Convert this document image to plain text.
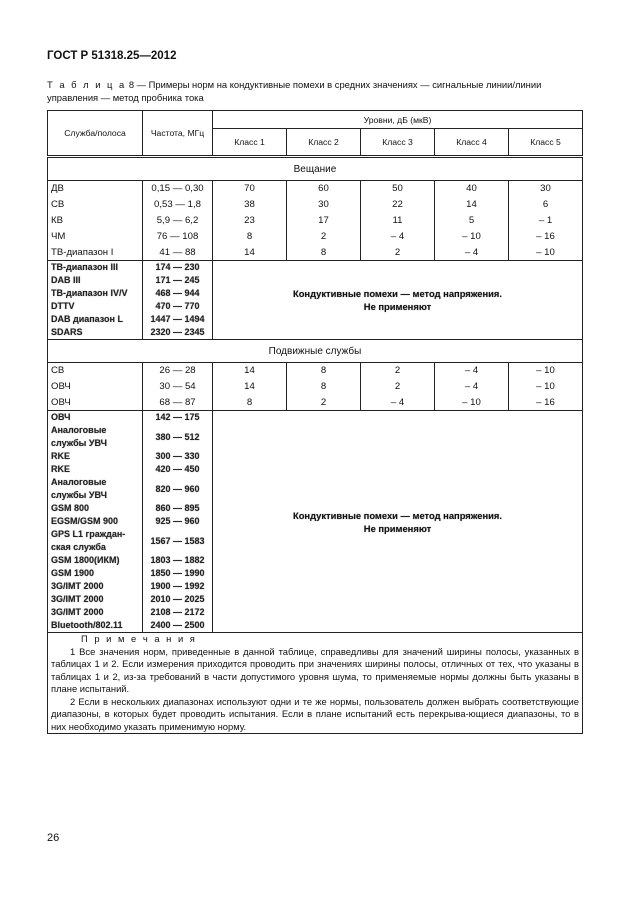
ГОСТ Р 51318.25—2012
Т а б л и ц а 8 — Примеры норм на кондуктивные помехи в средних значениях — сигнальные линии/линии управления — метод пробника тока
Служба/полоса	Частота, МГц	Уровни, дБ (мкВ)				
		Класс 1	Класс 2	Класс 3	Класс 4	Класс 5
Вещание						
ДВ	0,15 — 0,30	70	60	50	40	30
СВ	0,53 — 1,8	38	30	22	14	6
КВ	5,9 — 6,2	23	17	11	5	– 1
ЧМ	76 — 108	8	2	– 4	– 10	– 16
ТВ-диапазон I	41 — 88	14	8	2	– 4	– 10
ТВ-диапазон III	174 — 230	Кондуктивные помехи — метод напряжения.
Не применяют				

DAB III	171 — 245					
ТВ-диапазон IV/V	468 — 944					
DTTV	470 — 770					
DAB диапазон L	1447 — 1494					
SDARS	2320 — 2345					
Подвижные службы						
СВ	26 — 28	14	8	2	– 4	– 10
ОВЧ	30 — 54	14	8	2	– 4	– 10
ОВЧ	68 — 87	8	2	– 4	– 10	– 16
ОВЧ	142 — 175	Кондуктивные помехи — метод напряжения.
Не применяют				

Аналоговые службы УВЧ	380 — 512					
RKE	300 — 330					
RKE	420 — 450					
Аналоговые службы УВЧ	820 — 960					
GSM 800	860 — 895					
EGSM/GSM 900	925 — 960					
GPS L1 граждан-ская служба	1567 — 1583					
GSM 1800(ИКМ)	1803 — 1882					
GSM 1900	1850 — 1990					
3G/IMT 2000	1900 — 1992					
3G/IMT 2000	2010 — 2025					
3G/IMT 2000	2108 — 2172					
Bluetooth/802.11	2400 — 2500					

П р и м е ч а н и я

1 Все значения норм, приведенные в данной таблице, справедливы для значений ширины полосы, указанных в таблицах 1 и 2. Если измерения приходится проводить при значениях ширины полосы, отличных от тех, что указаны в таблицах 1 и 2, из-за требований в части допустимого уровня шума, то применяемые нормы должны быть указаны в плане испытаний.

2 Если в нескольких диапазонах используют одни и те же нормы, пользователь должен выбрать соответствующие диапазоны, в которых будет проводить испытания. Если в плане испытаний есть перекрыва-ющиеся диапазоны, то в них необходимо указать применимую норму.						

26
